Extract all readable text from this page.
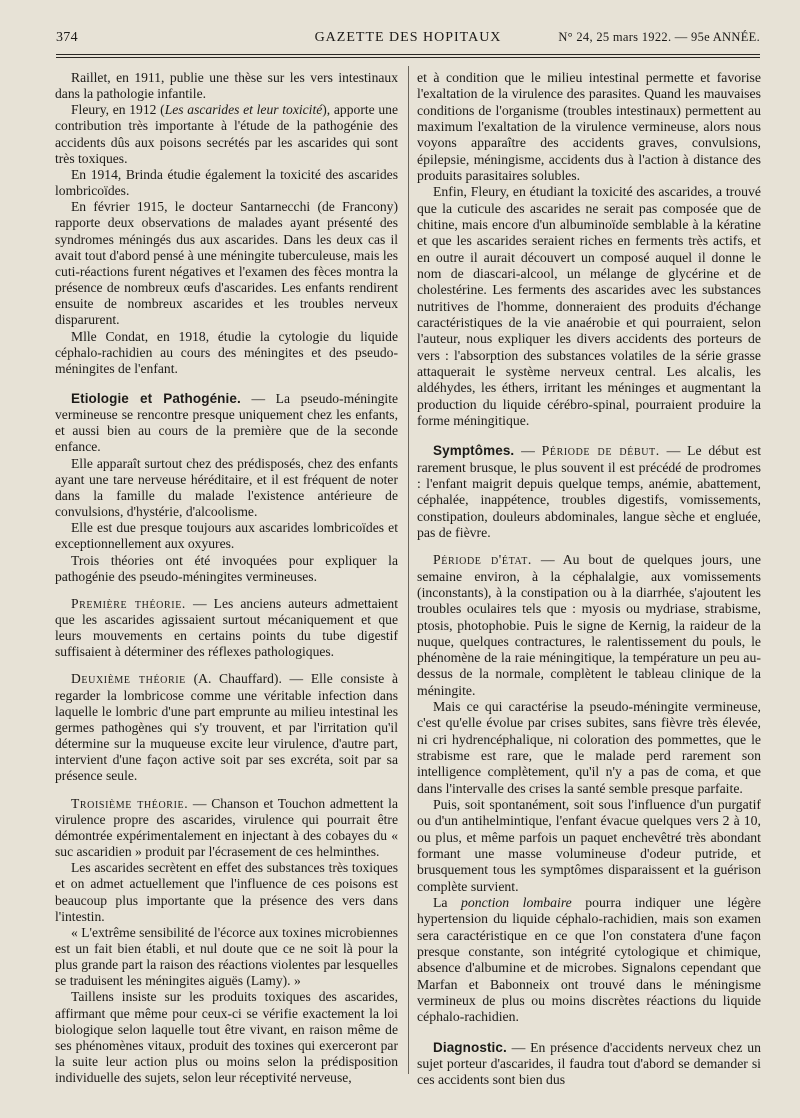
374	GAZETTE DES HOPITAUX	N° 24, 25 mars 1922. — 95e ANNÉE.

Raillet, en 1911, publie une thèse sur les vers intestinaux dans la pathologie infantile.

Fleury, en 1912 (Les ascarides et leur toxicité), apporte une contribution très importante à l'étude de la pathogénie des accidents dûs aux poisons secrétés par les ascarides qui sont très toxiques.

En 1914, Brinda étudie également la toxicité des ascarides lombricoïdes.

En février 1915, le docteur Santarnecchi (de Francony) rapporte deux observations de malades ayant présenté des syndromes méningés dus aux ascarides. Dans les deux cas il avait tout d'abord pensé à une méningite tuberculeuse, mais les cuti-réactions furent négatives et l'examen des fèces montra la présence de nombreux œufs d'ascarides. Les enfants rendirent ensuite de nombreux ascarides et les troubles nerveux disparurent.

Mlle Condat, en 1918, étudie la cytologie du liquide céphalo-rachidien au cours des méningites et des pseudo-méningites de l'enfant.

Etiologie et Pathogénie. — La pseudo-méningite vermineuse se rencontre presque uniquement chez les enfants, et aussi bien au cours de la première que de la seconde enfance.

Elle apparaît surtout chez des prédisposés, chez des enfants ayant une tare nerveuse héréditaire, et il est fréquent de noter dans la famille du malade l'existence antérieure de convulsions, d'hystérie, d'alcoolisme.

Elle est due presque toujours aux ascarides lombricoïdes et exceptionnellement aux oxyures.

Trois théories ont été invoquées pour expliquer la pathogénie des pseudo-méningites vermineuses.

Première théorie. — Les anciens auteurs admettaient que les ascarides agissaient surtout mécaniquement et que leurs mouvements en certains points du tube digestif suffisaient à déterminer des réflexes pathologiques.

Deuxième théorie (A. Chauffard). — Elle consiste à regarder la lombricose comme une véritable infection dans laquelle le lombric d'une part emprunte au milieu intestinal les germes pathogènes qui s'y trouvent, et par l'irritation qu'il détermine sur la muqueuse excite leur virulence, d'autre part, intervient d'une façon active soit par ses excréta, soit par sa présence seule.

Troisième théorie. — Chanson et Touchon admettent la virulence propre des ascarides, virulence qui pourrait être démontrée expérimentalement en injectant à des cobayes du « suc ascaridien » produit par l'écrasement de ces helminthes.

Les ascarides secrètent en effet des substances très toxiques et on admet actuellement que l'influence de ces poisons est beaucoup plus importante que la présence des vers dans l'intestin.

« L'extrême sensibilité de l'écorce aux toxines microbiennes est un fait bien établi, et nul doute que ce ne soit là pour la plus grande part la raison des réactions violentes par lesquelles se traduisent les méningites aiguës (Lamy). »

Taillens insiste sur les produits toxiques des ascarides, affirmant que même pour ceux-ci se vérifie exactement la loi biologique selon laquelle tout être vivant, en raison même de ses phénomènes vitaux, produit des toxines qui exerceront par la suite leur action plus ou moins selon la prédisposition individuelle des sujets, selon leur réceptivité nerveuse,

et à condition que le milieu intestinal permette et favorise l'exaltation de la virulence des parasites. Quand les mauvaises conditions de l'organisme (troubles intestinaux) permettent au maximum l'exaltation de la virulence vermineuse, alors nous voyons apparaître des accidents graves, convulsions, épilepsie, méningisme, accidents dus à l'action à distance des produits parasitaires solubles.

Enfin, Fleury, en étudiant la toxicité des ascarides, a trouvé que la cuticule des ascarides ne serait pas composée que de chitine, mais encore d'un albuminoïde semblable à la kératine et que les ascarides seraient riches en ferments très actifs, et en outre il aurait découvert un composé auquel il donne le nom de diascari-alcool, un mélange de glycérine et de cholestérine. Les ferments des ascarides avec les substances nutritives de l'homme, donneraient des produits d'échange caractéristiques de la vie anaérobie et qui pourraient, selon l'auteur, nous expliquer les divers accidents des porteurs de vers : l'absorption des substances volatiles de la série grasse attaquerait le système nerveux central. Les alcalis, les aldéhydes, les éthers, irritant les méninges et augmentant la production du liquide cérébro-spinal, pourraient produire la forme méningitique.

Symptômes. — Période de début. — Le début est rarement brusque, le plus souvent il est précédé de prodromes : l'enfant maigrit depuis quelque temps, anémie, abattement, céphalée, inappétence, troubles digestifs, vomissements, constipation, douleurs abdominales, langue sèche et engluée, pas de fièvre.

Période d'état. — Au bout de quelques jours, une semaine environ, à la céphalalgie, aux vomissements (inconstants), à la constipation ou à la diarrhée, s'ajoutent les troubles oculaires tels que : myosis ou mydriase, strabisme, ptosis, photophobie. Puis le signe de Kernig, la raideur de la nuque, quelques contractures, le ralentissement du pouls, le phénomène de la raie méningitique, la température un peu au-dessus de la normale, complètent le tableau clinique de la méningite.

Mais ce qui caractérise la pseudo-méningite vermineuse, c'est qu'elle évolue par crises subites, sans fièvre très élevée, ni cri hydrencéphalique, ni coloration des pommettes, que le strabisme est rare, que le malade perd rarement son intelligence complètement, qu'il n'y a pas de coma, et que dans l'intervalle des crises la santé semble presque parfaite.

Puis, soit spontanément, soit sous l'influence d'un purgatif ou d'un antihelmintique, l'enfant évacue quelques vers 2 à 10, ou plus, et même parfois un paquet enchevêtré très abondant formant une masse volumineuse d'odeur putride, et brusquement tous les symptômes disparaissent et la guérison complète survient.

La ponction lombaire pourra indiquer une légère hypertension du liquide céphalo-rachidien, mais son examen sera caractéristique en ce que l'on constatera d'une façon presque constante, son intégrité cytologique et chimique, absence d'albumine et de microbes. Signalons cependant que Marfan et Babonneix ont trouvé dans le méningisme vermineux de plus ou moins discrètes réactions du liquide céphalo-rachidien.

Diagnostic. — En présence d'accidents nerveux chez un sujet porteur d'ascarides, il faudra tout d'abord se demander si ces accidents sont bien dus
